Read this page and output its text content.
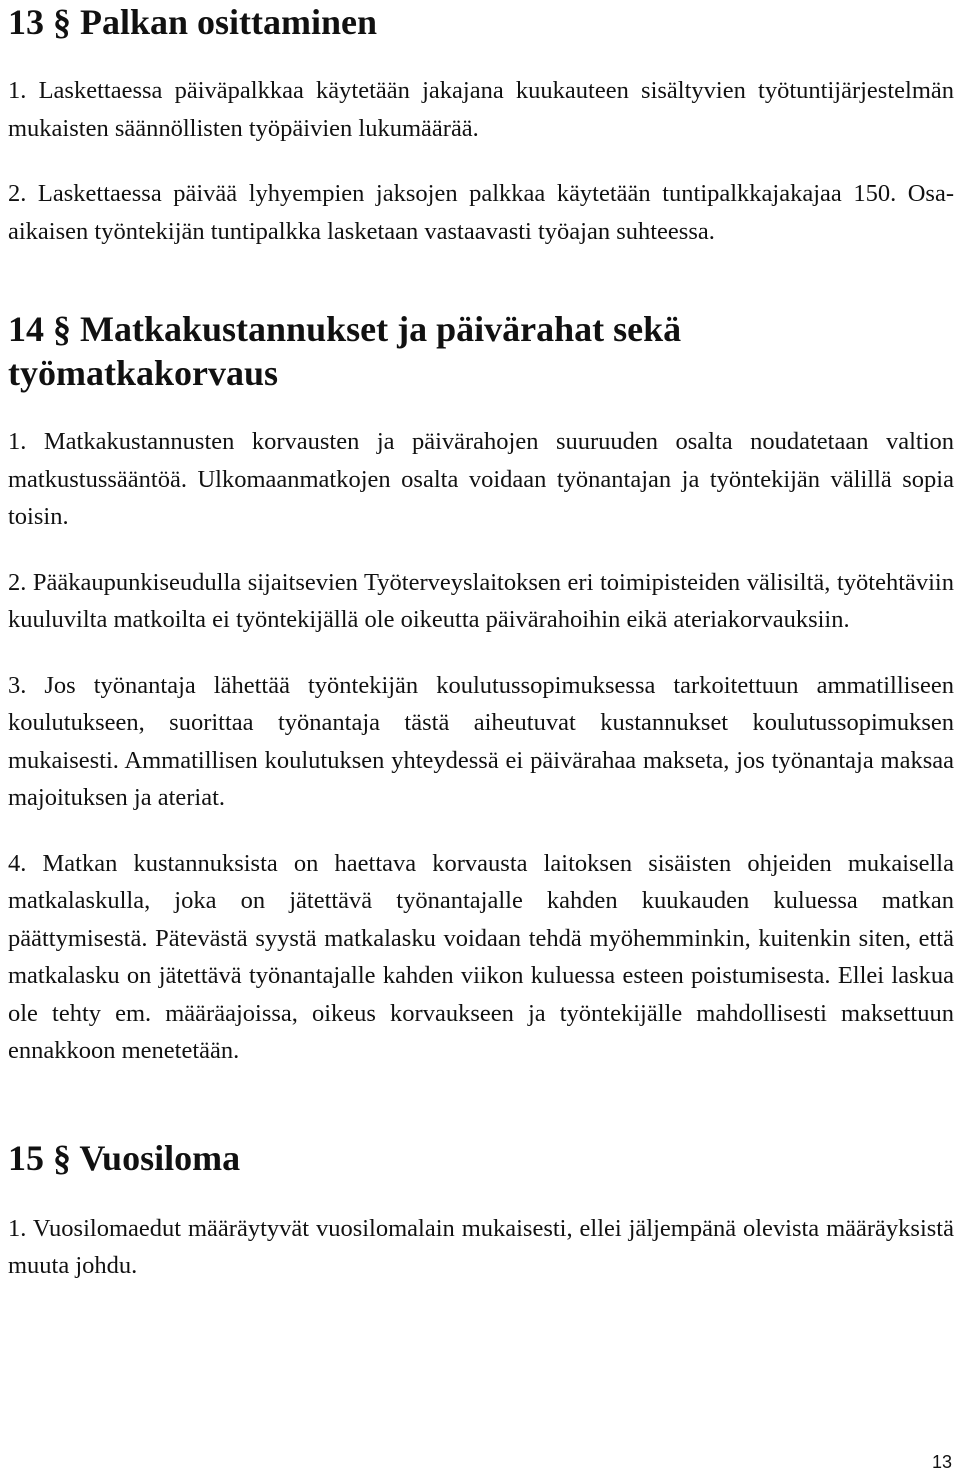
13 § Palkan osittaminen

1. Laskettaessa päiväpalkkaa käytetään jakajana kuukauteen sisältyvien työtuntijärjestelmän mukaisten säännöllisten työpäivien lukumäärää.

2. Laskettaessa päivää lyhyempien jaksojen palkkaa käytetään tuntipalkkajakajaa 150. Osa-aikaisen työntekijän tuntipalkka lasketaan vastaavasti työajan suhteessa.

14 § Matkakustannukset ja päivärahat sekä työmatkakorvaus

1. Matkakustannusten korvausten ja päivärahojen suuruuden osalta noudatetaan valtion matkustussääntöä. Ulkomaanmatkojen osalta voidaan työnantajan ja työntekijän välillä sopia toisin.

2. Pääkaupunkiseudulla sijaitsevien Työterveyslaitoksen eri toimipisteiden välisiltä, työtehtäviin kuuluvilta matkoilta ei työntekijällä ole oikeutta päivärahoihin eikä ateriakorvauksiin.

3. Jos työnantaja lähettää työntekijän koulutussopimuksessa tarkoitettuun ammatilliseen koulutukseen, suorittaa työnantaja tästä aiheutuvat kustannukset koulutussopimuksen mukaisesti. Ammatillisen koulutuksen yhteydessä ei päivärahaa makseta, jos työnantaja maksaa majoituksen ja ateriat.

4. Matkan kustannuksista on haettava korvausta laitoksen sisäisten ohjeiden mukaisella matkalaskulla, joka on jätettävä työnantajalle kahden kuukauden kuluessa matkan päättymisestä. Pätevästä syystä matkalasku voidaan tehdä myöhemminkin, kuitenkin siten, että matkalasku on jätettävä työnantajalle kahden viikon kuluessa esteen poistumisesta. Ellei laskua ole tehty em. määräajoissa, oikeus korvaukseen ja työntekijälle mahdollisesti maksettuun ennakkoon menetetään.

15 § Vuosiloma

1. Vuosilomaedut määräytyvät vuosilomalain mukaisesti, ellei jäljempänä olevista määräyksistä muuta johdu.

13
